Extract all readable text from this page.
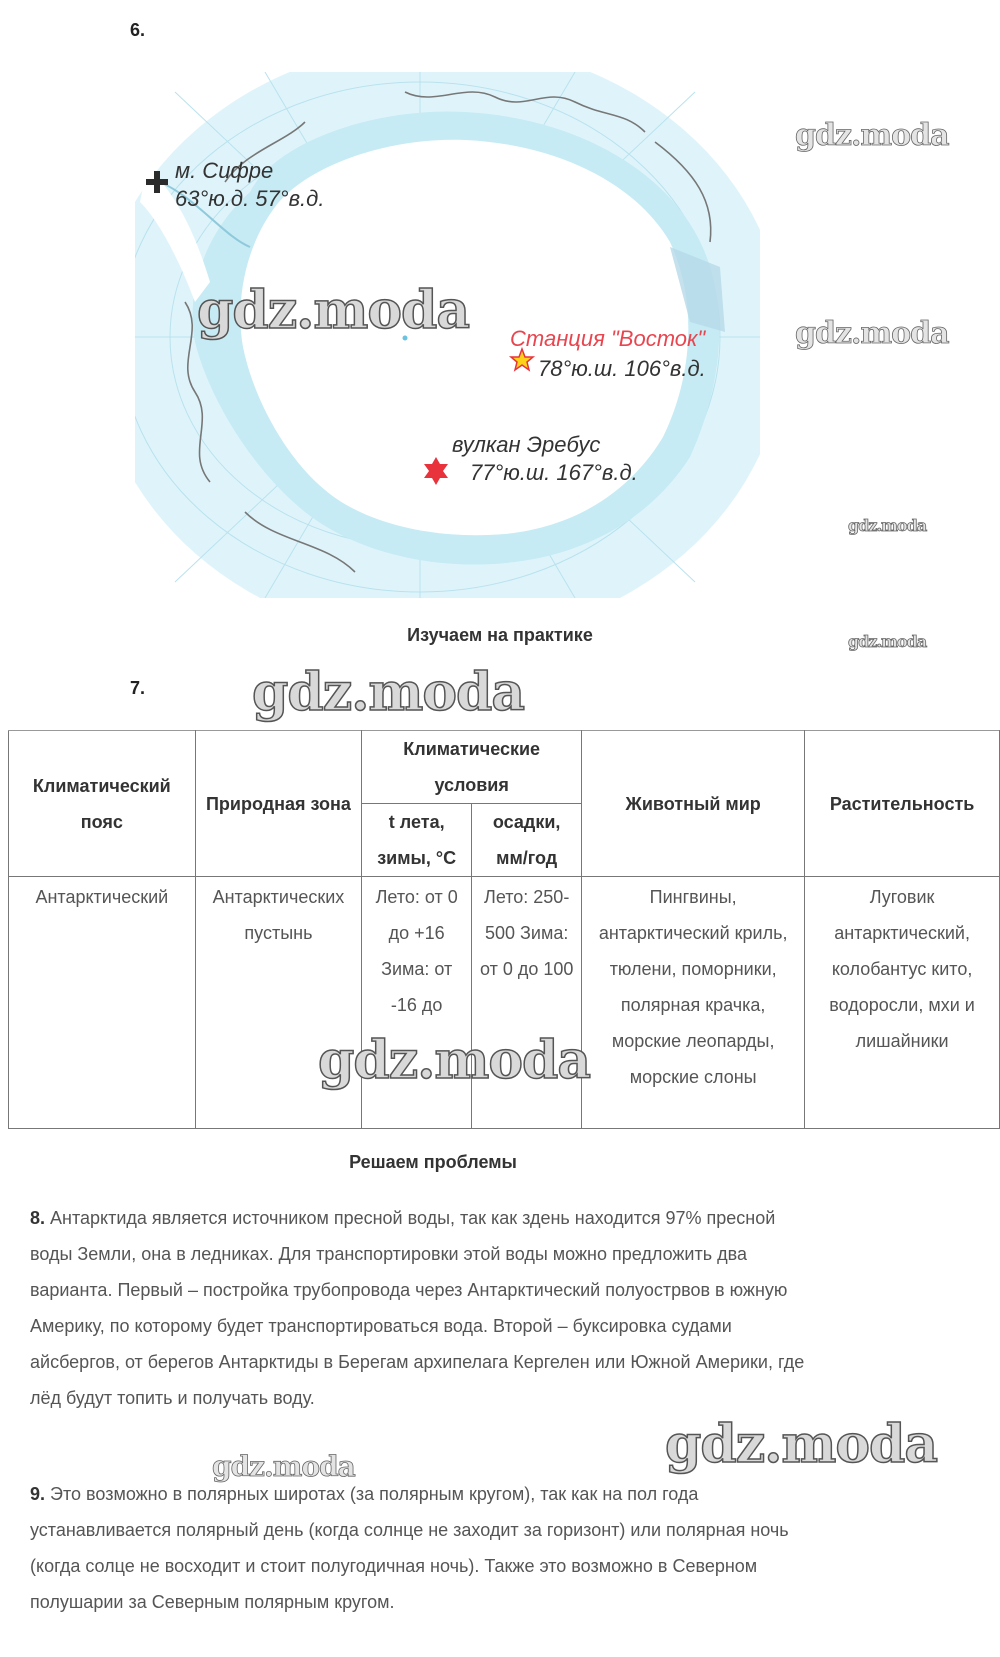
6.
м. Сифре
63°ю.д. 57°в.д.
Станция "Восток"
78°ю.ш. 106°в.д.
вулкан Эребус
77°ю.ш. 167°в.д.
gdz.moda
gdz.moda
gdz.moda
gdz.moda
gdz.moda
Изучаем на практике
7. gdz.moda
Климатический пояс	Природная зона	Климатические условия		Животный мир	Растительность
		t лета, зимы, °C	осадки, мм/год		
Антарктический	Антарктических пустынь	Лето: от 0 до +16 Зима: от -16 до	Лето: 250-500 Зима: от 0 до 100	Пингвины, антарктический криль, тюлени, поморники, полярная крачка, морские леопарды, морские слоны	Луговик антарктический, колобантус кито, водоросли, мхи и лишайники
gdz.moda
Решаем проблемы
8. Антарктида является источником пресной воды, так как здень находится 97% пресной воды Земли, она в ледниках. Для транспортировки этой воды можно предложить два варианта. Первый – постройка трубопровода через Антарктический полуострвов в южную Америку, по которому будет транспортироваться вода. Второй – буксировка судами айсбергов, от берегов Антарктиды в Берегам архипелага Кергелен или Южной Америки, где лёд будут топить и получать воду.
gdz.moda
gdz.moda
9. Это возможно в полярных широтах (за полярным кругом), так как на пол года устанавливается полярный день (когда солнце не заходит за горизонт) или полярная ночь (когда солце не восходит и стоит полугодичная ночь). Также это возможно в Северном полушарии за Северным полярным кругом.
